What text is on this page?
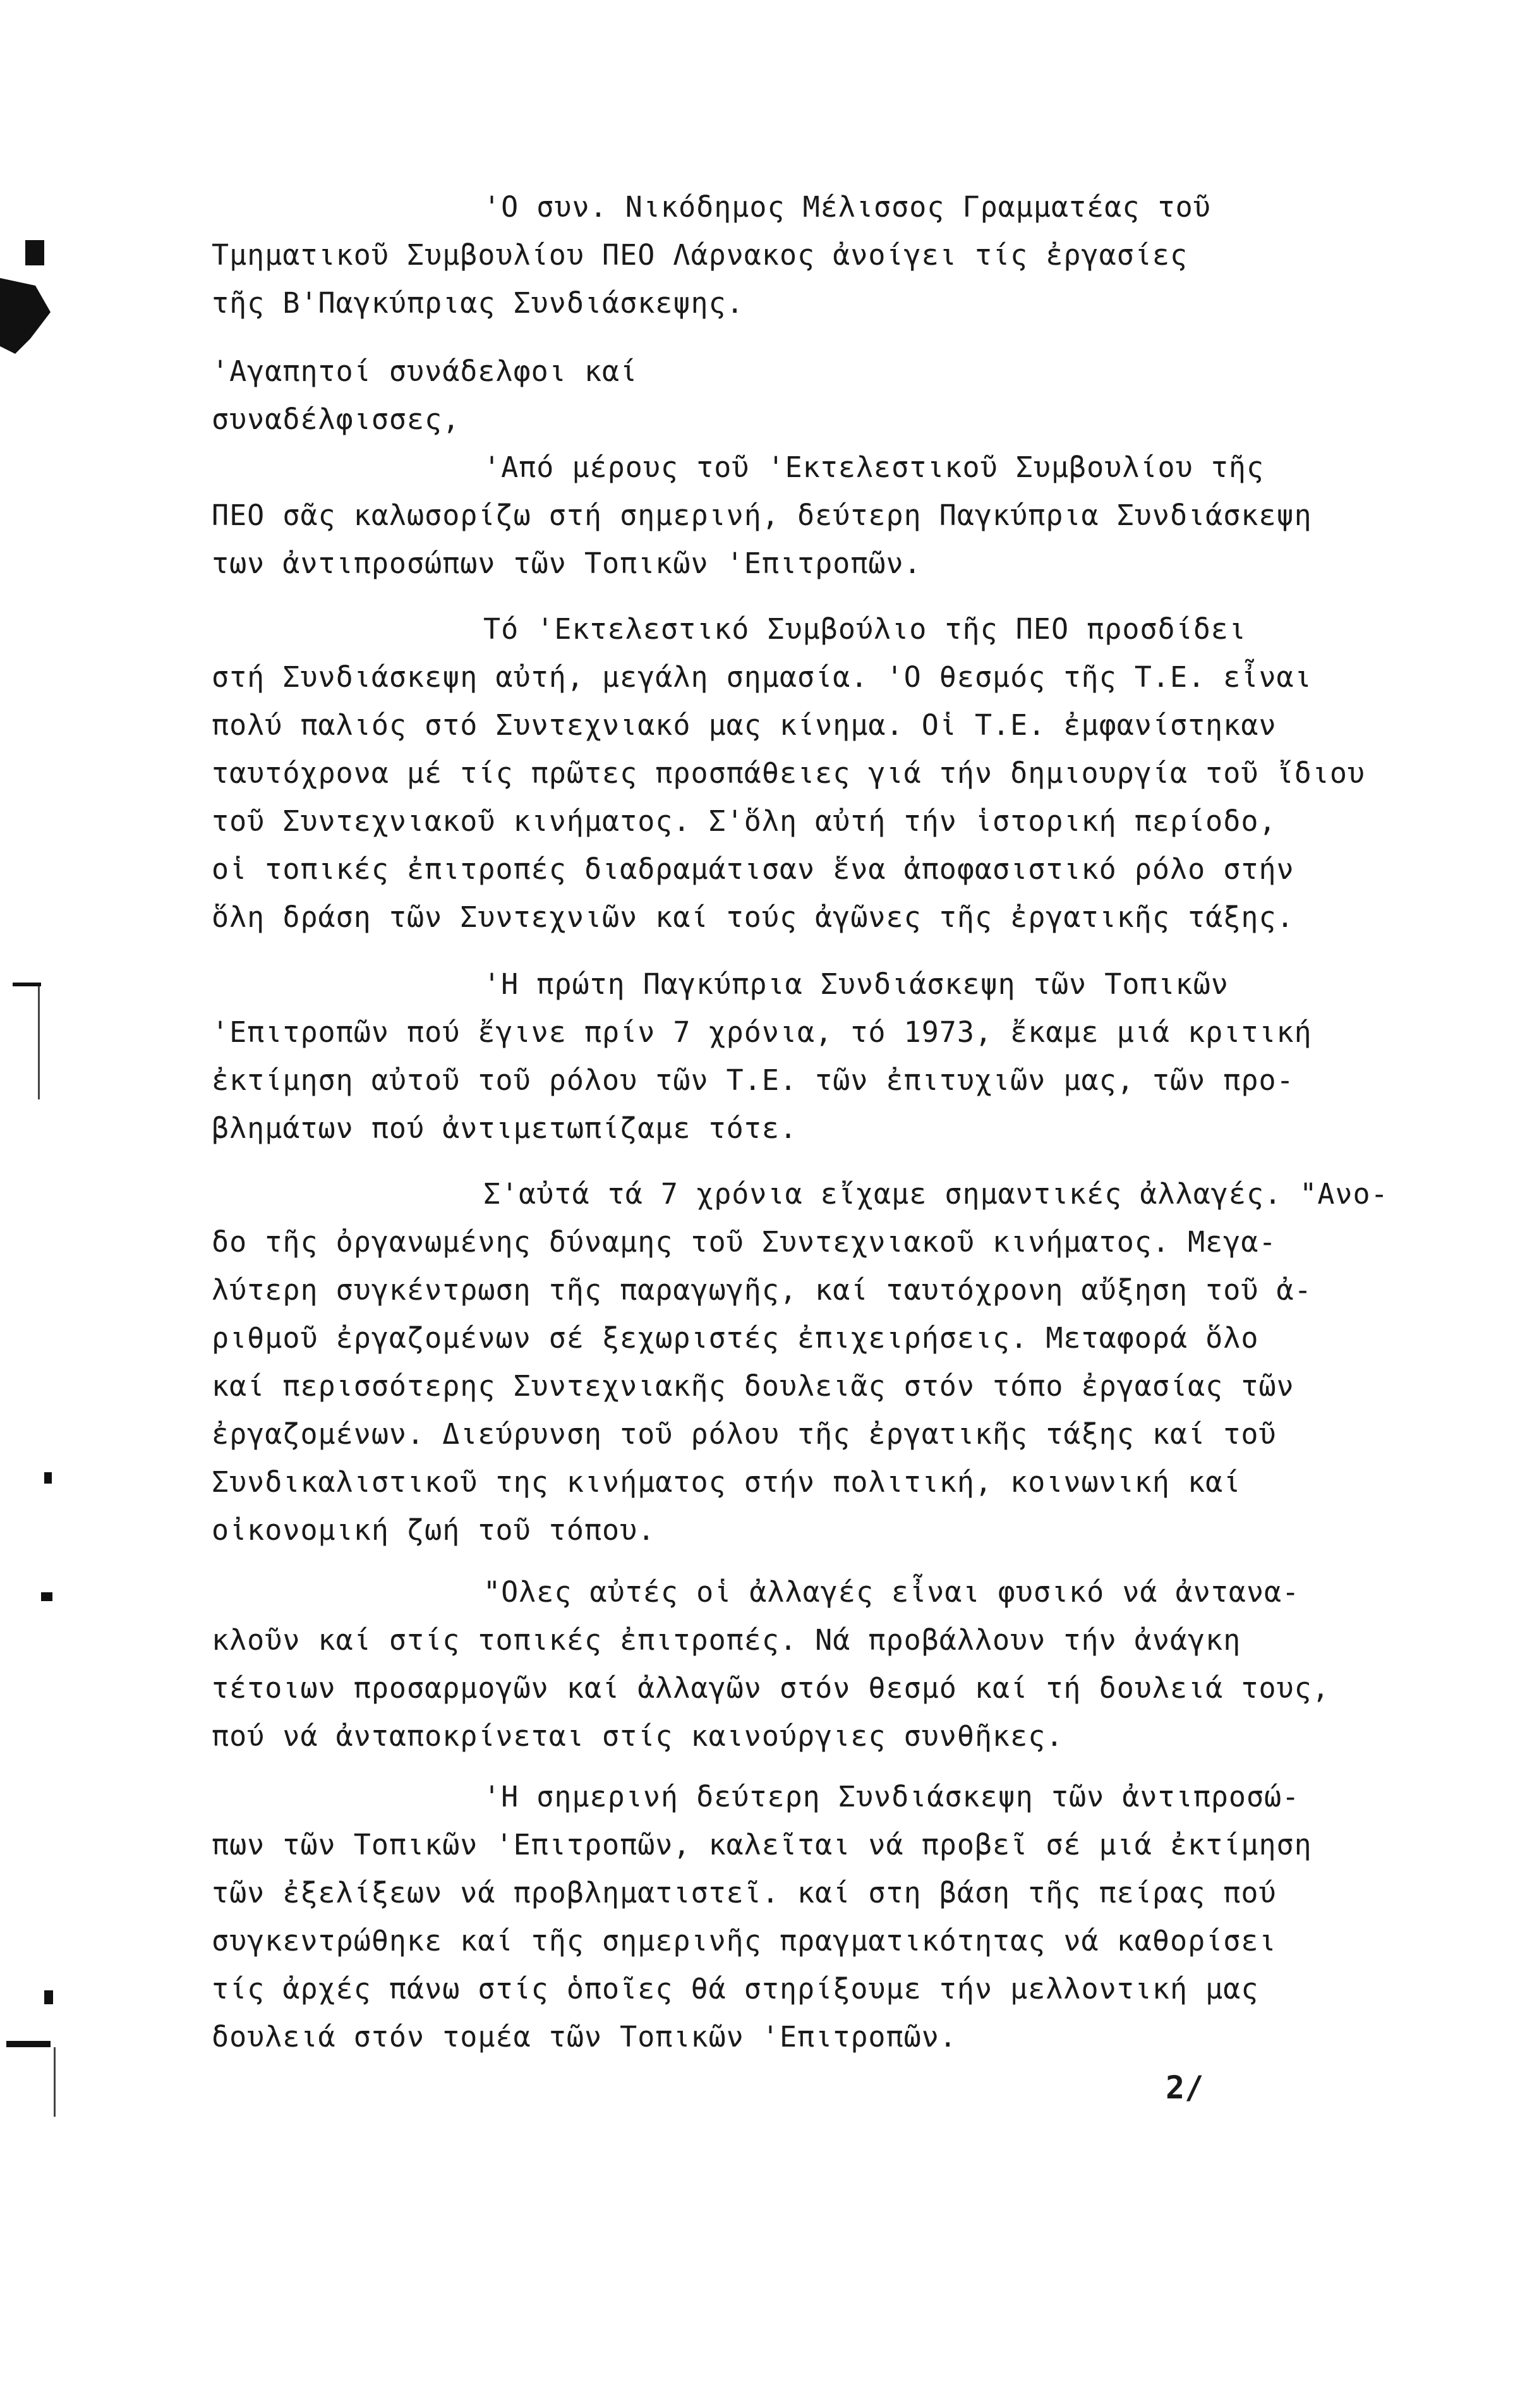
'Ο συν. Νικόδημος Μέλισσος Γραμματέας τοῦ
Τμηματικοῦ Συμβουλίου ΠΕΟ Λάρνακος ἀνοίγει τίς ἐργασίες
τῆς Β'Παγκύπριας Συνδιάσκεψης.
'Αγαπητοί συνάδελφοι καί
συναδέλφισσες,
'Από μέρους τοῦ 'Εκτελεστικοῦ Συμβουλίου τῆς
ΠΕΟ σᾶς καλωσορίζω στή σημερινή, δεύτερη Παγκύπρια Συνδιάσκεψη
των ἀντιπροσώπων τῶν Τοπικῶν 'Επιτροπῶν.
Τό 'Εκτελεστικό Συμβούλιο τῆς ΠΕΟ προσδίδει
στή Συνδιάσκεψη αὐτή, μεγάλη σημασία. 'Ο θεσμός τῆς Τ.Ε. εἶναι
πολύ παλιός στό Συντεχνιακό μας κίνημα. Οἱ Τ.Ε. ἐμφανίστηκαν
ταυτόχρονα μέ τίς πρῶτες προσπάθειες γιά τήν δημιουργία τοῦ ἴδιου
τοῦ Συντεχνιακοῦ κινήματος. Σ'ὅλη αὐτή τήν ἱστορική περίοδο,
οἱ τοπικές ἐπιτροπές διαδραμάτισαν ἕνα ἀποφασιστικό ρόλο στήν
ὅλη δράση τῶν Συντεχνιῶν καί τούς ἀγῶνες τῆς ἐργατικῆς τάξης.
'Η πρώτη Παγκύπρια Συνδιάσκεψη τῶν Τοπικῶν
'Επιτροπῶν πού ἔγινε πρίν 7 χρόνια, τό 1973, ἔκαμε μιά κριτική
ἐκτίμηση αὐτοῦ τοῦ ρόλου τῶν Τ.Ε. τῶν ἐπιτυχιῶν μας, τῶν προ-
βλημάτων πού ἀντιμετωπίζαμε τότε.
Σ'αὐτά τά 7 χρόνια εἴχαμε σημαντικές ἀλλαγές. "Ανο-
δο τῆς ὀργανωμένης δύναμης τοῦ Συντεχνιακοῦ κινήματος. Μεγα-
λύτερη συγκέντρωση τῆς παραγωγῆς, καί ταυτόχρονη αὔξηση τοῦ ἀ-
ριθμοῦ ἐργαζομένων σέ ξεχωριστές ἐπιχειρήσεις. Μεταφορά ὅλο
καί περισσότερης Συντεχνιακῆς δουλειᾶς στόν τόπο ἐργασίας τῶν
ἐργαζομένων. Διεύρυνση τοῦ ρόλου τῆς ἐργατικῆς τάξης καί τοῦ
Συνδικαλιστικοῦ της κινήματος στήν πολιτική, κοινωνική καί
οἰκονομική ζωή τοῦ τόπου.
"Ολες αὐτές οἱ ἀλλαγές εἶναι φυσικό νά ἀντανα-
κλοῦν καί στίς τοπικές ἐπιτροπές. Νά προβάλλουν τήν ἀνάγκη
τέτοιων προσαρμογῶν καί ἀλλαγῶν στόν θεσμό καί τή δουλειά τους,
πού νά ἀνταποκρίνεται στίς καινούργιες συνθῆκες.
'Η σημερινή δεύτερη Συνδιάσκεψη τῶν ἀντιπροσώ-
πων τῶν Τοπικῶν 'Επιτροπῶν, καλεῖται νά προβεῖ σέ μιά ἐκτίμηση
τῶν ἐξελίξεων νά προβληματιστεῖ. καί στη βάση τῆς πείρας πού
συγκεντρώθηκε καί τῆς σημερινῆς πραγματικότητας νά καθορίσει
τίς ἀρχές πάνω στίς ὁποῖες θά στηρίξουμε τήν μελλοντική μας
δουλειά στόν τομέα τῶν Τοπικῶν 'Επιτροπῶν.
2/
